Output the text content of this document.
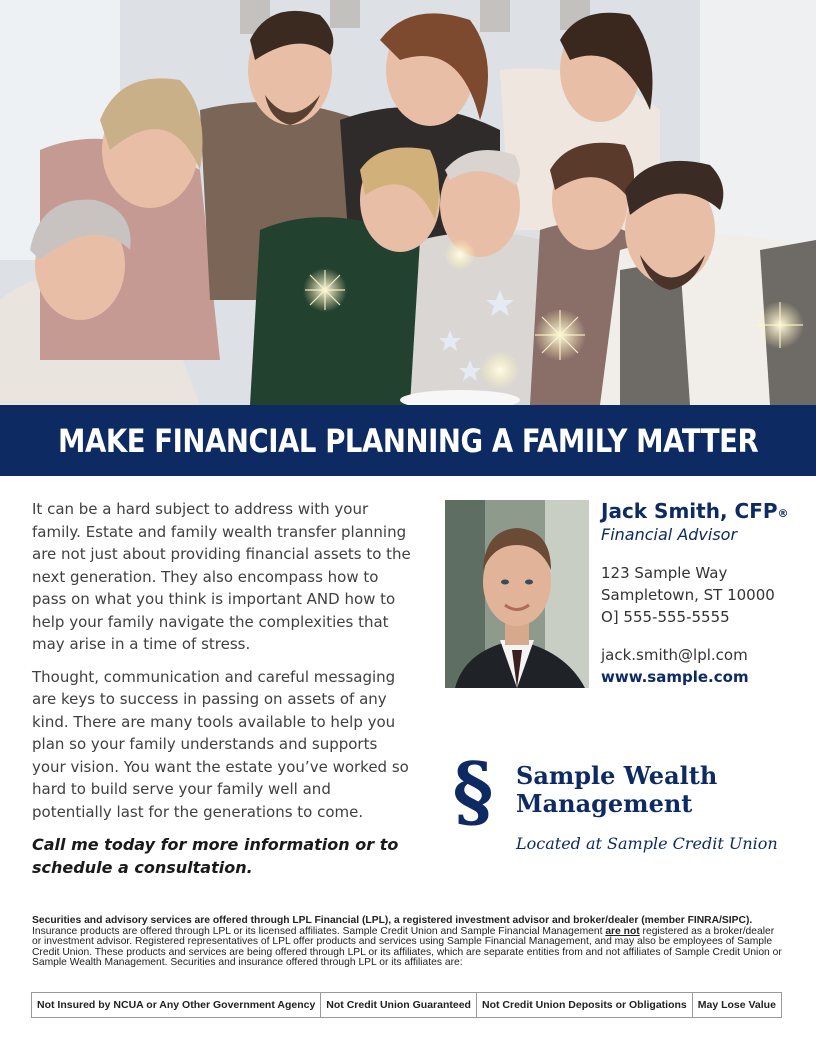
MAKE FINANCIAL PLANNING A FAMILY MATTER

It can be a hard subject to address with your family. Estate and family wealth transfer planning are not just about providing financial assets to the next generation. They also encompass how to pass on what you think is important AND how to help your family navigate the complexities that may arise in a time of stress.

Thought, communication and careful messaging are keys to success in passing on assets of any kind. There are many tools available to help you plan so your family understands and supports your vision. You want the estate you’ve worked so hard to build serve your family well and potentially last for the generations to come.

Call me today for more information or to schedule a consultation.
Jack Smith, CFP®
Financial Advisor
123 Sample Way
Sampletown, ST 10000
O] 555-555-5555
jack.smith@lpl.com
www.sample.com
§ Sample Wealth
Management
Located at Sample Credit Union
Securities and advisory services are offered through LPL Financial (LPL), a registered investment advisor and broker/dealer (member FINRA/SIPC). Insurance products are offered through LPL or its licensed affiliates. Sample Credit Union and Sample Financial Management are not registered as a broker/dealer or investment advisor. Registered representatives of LPL offer products and services using Sample Financial Management, and may also be employees of Sample Credit Union. These products and services are being offered through LPL or its affiliates, which are separate entities from and not affiliates of Sample Credit Union or Sample Wealth Management. Securities and insurance offered through LPL or its affiliates are:
Not Insured by NCUA or Any Other Government Agency	Not Credit Union Guaranteed	Not Credit Union Deposits or Obligations	May Lose Value
